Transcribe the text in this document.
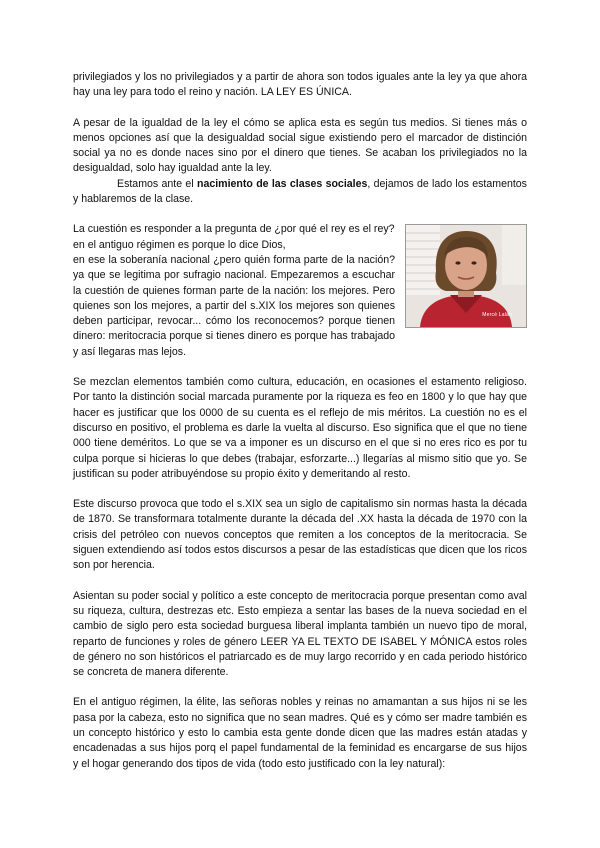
privilegiados y los no privilegiados y a partir de ahora son todos iguales ante la ley ya que ahora hay una ley para todo el reino y nación. LA LEY ES ÚNICA.

A pesar de la igualdad de la ley el cómo se aplica esta es según tus medios. Si tienes más o menos opciones así que la desigualdad social sigue existiendo pero el marcador de distinción social ya no es donde naces sino por el dinero que tienes. Se acaban los privilegiados no la desigualdad, solo hay igualdad ante la ley.

Estamos ante el nacimiento de las clases sociales, dejamos de lado los estamentos y hablaremos de la clase.

Mercè Lalán

La cuestión es responder a la pregunta de ¿por qué el rey es el rey?

en el antiguo régimen es porque lo dice Dios,

en ese la soberanía nacional ¿pero quién forma parte de la nación? ya que se legitima por sufragio nacional. Empezaremos a escuchar la cuestión de quienes forman parte de la nación: los mejores. Pero quienes son los mejores, a partir del s.XIX los mejores son quienes deben participar, revocar... cómo los reconocemos? porque tienen dinero: meritocracia porque si tienes dinero es porque has trabajado y así llegaras mas lejos.

Se mezclan elementos también como cultura, educación, en ocasiones el estamento religioso. Por tanto la distinción social marcada puramente por la riqueza es feo en 1800 y lo que hay que hacer es justificar que los 0000 de su cuenta es el reflejo de mis méritos. La cuestión no es el discurso en positivo, el problema es darle la vuelta al discurso. Eso significa que el que no tiene 000 tiene deméritos. Lo que se va a imponer es un discurso en el que si no eres rico es por tu culpa porque si hicieras lo que debes (trabajar, esforzarte...) llegarías al mismo sitio que yo. Se justifican su poder atribuyéndose su propio éxito y demeritando al resto.

Este discurso provoca que todo el s.XIX sea un siglo de capitalismo sin normas hasta la década de 1870. Se transformara totalmente durante la década del .XX hasta la década de 1970 con la crisis del petróleo con nuevos conceptos que remiten a los conceptos de la meritocracia. Se siguen extendiendo así todos estos discursos a pesar de las estadísticas que dicen que los ricos son por herencia.

Asientan su poder social y político a este concepto de meritocracia porque presentan como aval su riqueza, cultura, destrezas etc. Esto empieza a sentar las bases de la nueva sociedad en el cambio de siglo pero esta sociedad burguesa liberal implanta también un nuevo tipo de moral, reparto de funciones y roles de género LEER YA EL TEXTO DE ISABEL Y MÓNICA estos roles de género no son históricos el patriarcado es de muy largo recorrido y en cada periodo histórico se concreta de manera diferente.

En el antiguo régimen, la élite, las señoras nobles y reinas no amamantan a sus hijos ni se les pasa por la cabeza, esto no significa que no sean madres. Qué es y cómo ser madre también es un concepto histórico y esto lo cambia esta gente donde dicen que las madres están atadas y encadenadas a sus hijos porq el papel fundamental de la feminidad es encargarse de sus hijos y el hogar generando dos tipos de vida (todo esto justificado con la ley natural):
